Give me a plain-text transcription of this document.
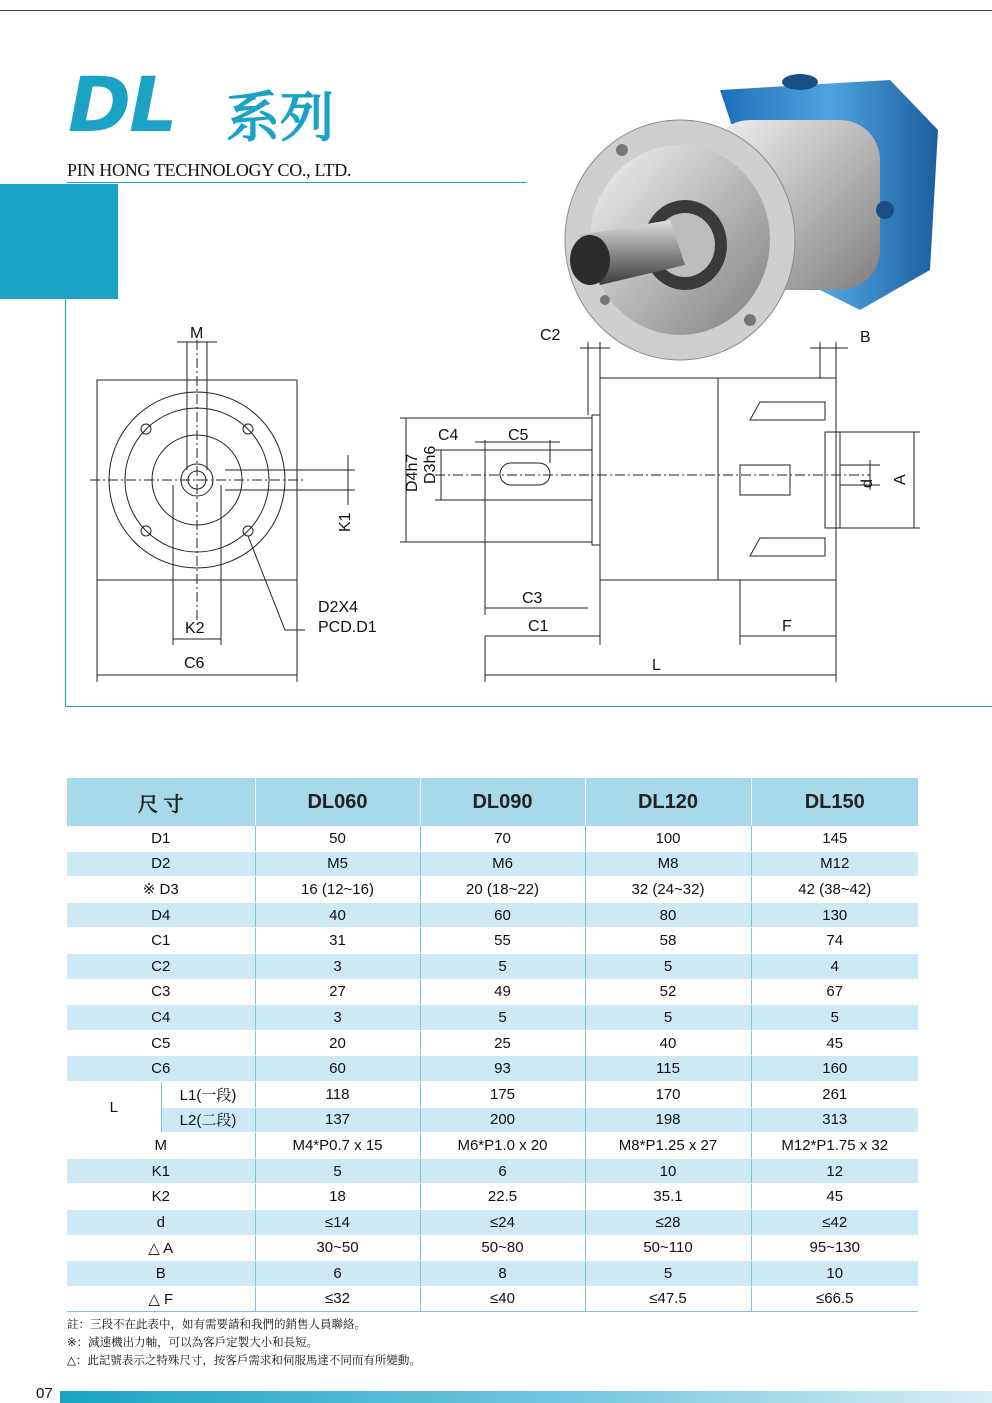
DL 系列
PIN HONG TECHNOLOGY CO., LTD.
M
K1
K2
C6
D2X4
PCD.D1
C2
C4	C5
D4h7 D3h6
C3
C1
B
d A
F
L
尺 寸		DL060	DL090	DL120	DL150
D1		50	70	100	145
D2		M5	M6	M8	M12
※ D3		16 (12~16)	20 (18~22)	32 (24~32)	42 (38~42)
D4		40	60	80	130
C1		31	55	58	74
C2		3	5	5	4
C3		27	49	52	67
C4		3	5	5	5
C5		20	25	40	45
C6		60	93	115	160
L	L1(一段)	118	175	170	261
	L2(二段)	137	200	198	313
M		M4*P0.7 x 15	M6*P1.0 x 20	M8*P1.25 x 27	M12*P1.75 x 32
K1		5	6	10	12
K2		18	22.5	35.1	45
d		≤14	≤24	≤28	≤42
△ A		30~50	50~80	50~110	95~130
B		6	8	5	10
△ F		≤32	≤40	≤47.5	≤66.5
註：三段不在此表中，如有需要請和我們的銷售人員聯絡。
※：減速機出力軸，可以為客戶定製大小和長短。
△：此記號表示之特殊尺寸，按客戶需求和伺服馬達不同而有所變動。
07
